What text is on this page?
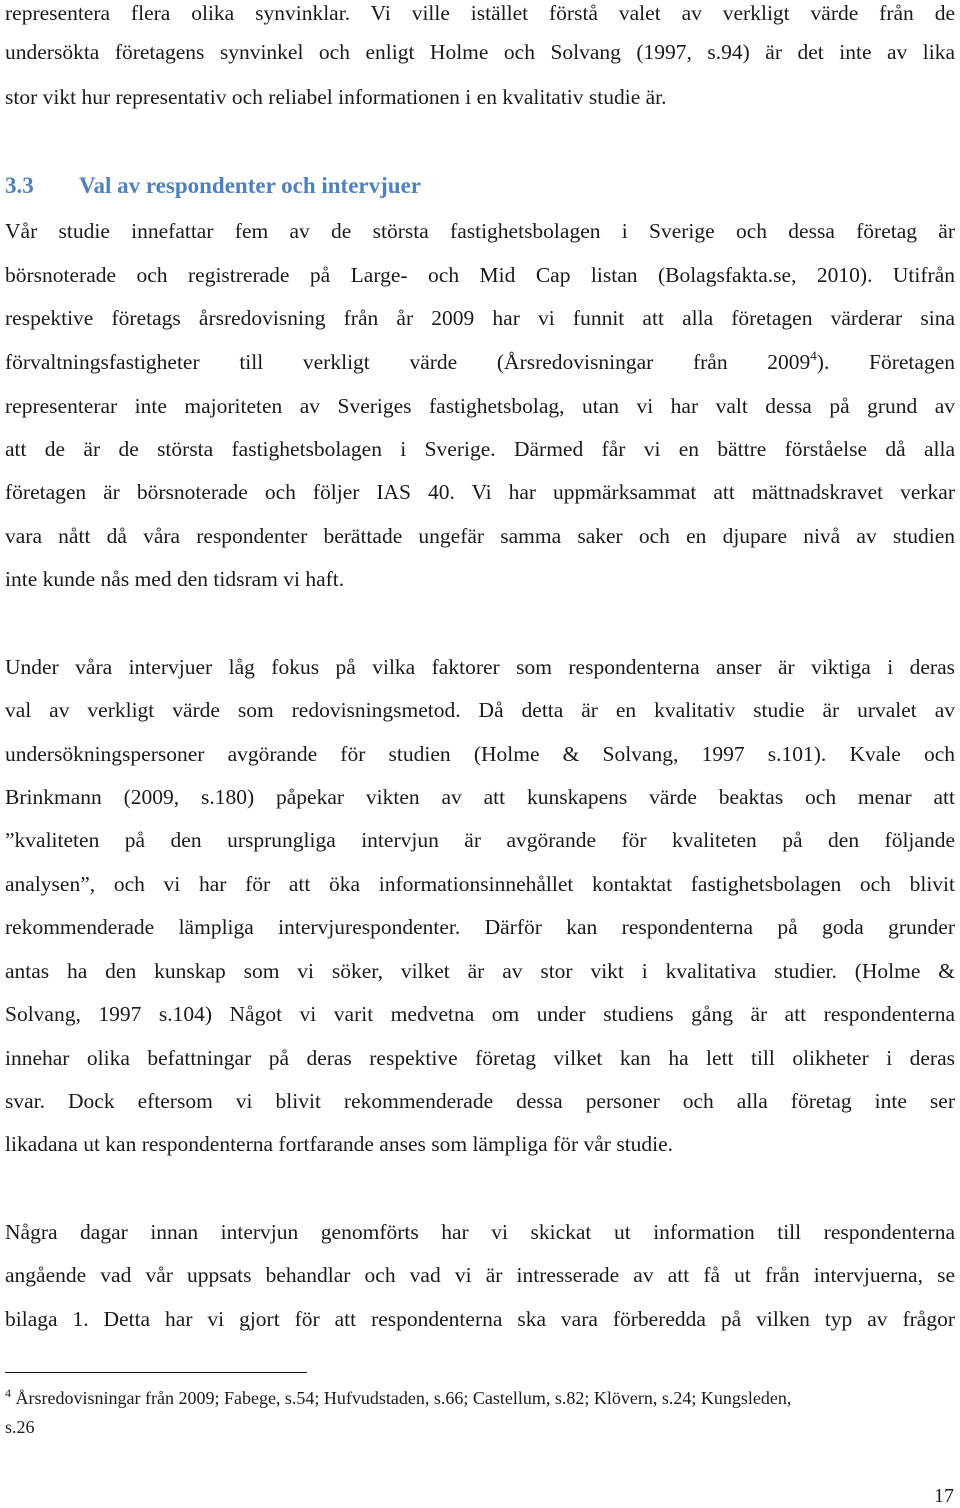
representera flera olika synvinklar. Vi ville istället förstå valet av verkligt värde från de
undersökta företagens synvinkel och enligt Holme och Solvang (1997, s.94) är det inte av lika
stor vikt hur representativ och reliabel informationen i en kvalitativ studie är.
3.3 Val av respondenter och intervjuer
Vår studie innefattar fem av de största fastighetsbolagen i Sverige och dessa företag är
börsnoterade och registrerade på Large- och Mid Cap listan (Bolagsfakta.se, 2010). Utifrån
respektive företags årsredovisning från år 2009 har vi funnit att alla företagen värderar sina
förvaltningsfastigheter till verkligt värde (Årsredovisningar från 2009$^4$). Företagen
representerar inte majoriteten av Sveriges fastighetsbolag, utan vi har valt dessa på grund av
att de är de största fastighetsbolagen i Sverige. Därmed får vi en bättre förståelse då alla
företagen är börsnoterade och följer IAS 40. Vi har uppmärksammat att mättnadskravet verkar
vara nått då våra respondenter berättade ungefär samma saker och en djupare nivå av studien
inte kunde nås med den tidsram vi haft.
Under våra intervjuer låg fokus på vilka faktorer som respondenterna anser är viktiga i deras
val av verkligt värde som redovisningsmetod. Då detta är en kvalitativ studie är urvalet av
undersökningspersoner avgörande för studien (Holme & Solvang, 1997 s.101). Kvale och
Brinkmann (2009, s.180) påpekar vikten av att kunskapens värde beaktas och menar att
”kvaliteten på den ursprungliga intervjun är avgörande för kvaliteten på den följande
analysen”, och vi har för att öka informationsinnehållet kontaktat fastighetsbolagen och blivit
rekommenderade lämpliga intervjurespondenter. Därför kan respondenterna på goda grunder
antas ha den kunskap som vi söker, vilket är av stor vikt i kvalitativa studier. (Holme &
Solvang, 1997 s.104) Något vi varit medvetna om under studiens gång är att respondenterna
innehar olika befattningar på deras respektive företag vilket kan ha lett till olikheter i deras
svar. Dock eftersom vi blivit rekommenderade dessa personer och alla företag inte ser
likadana ut kan respondenterna fortfarande anses som lämpliga för vår studie.
Några dagar innan intervjun genomförts har vi skickat ut information till respondenterna
angående vad vår uppsats behandlar och vad vi är intresserade av att få ut från intervjuerna, se
bilaga 1. Detta har vi gjort för att respondenterna ska vara förberedda på vilken typ av frågor
$^4$ Årsredovisningar från 2009; Fabege, s.54; Hufvudstaden, s.66; Castellum, s.82; Klövern, s.24; Kungsleden,
s.26
17
